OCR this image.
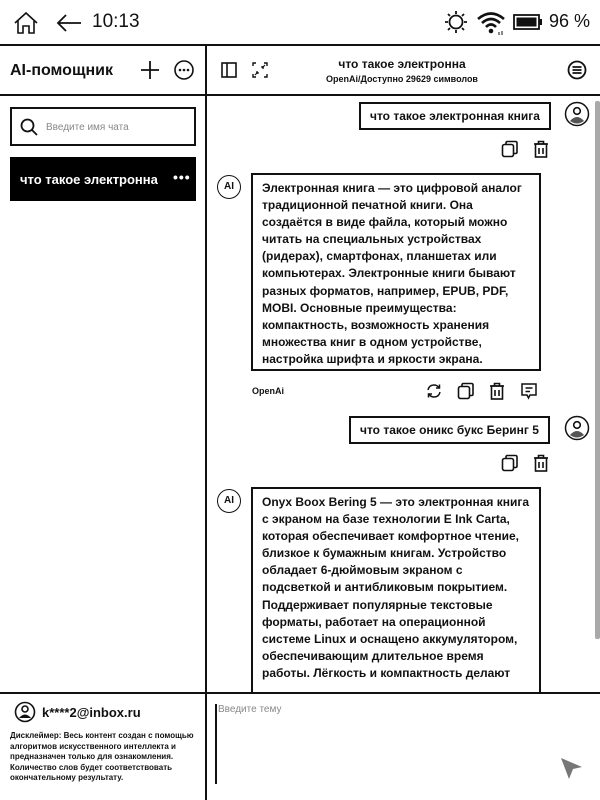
10:13	96 %
AI-помощник
Введите имя чата
что такое электронна •••
k****2@inbox.ru
Дисклеймер: Весь контент создан с помощью алгоритмов искусственного интеллекта и предназначен только для ознакомления. Количество слов будет соответствовать окончательному результату.
что такое электронна
OpenAi/Доступно 29629 символов
что такое электронная книга
AI	Электронная книга — это цифровой аналог традиционной печатной книги. Она создаётся в виде файла, который можно читать на специальных устройствах (ридерах), смартфонах, планшетах или компьютерах. Электронные книги бывают разных форматов, например, EPUB, PDF, MOBI. Основные преимущества: компактность, возможность хранения множества книг в одном устройстве, настройка шрифта и яркости экрана.
OpenAi
что такое оникс букс Беринг 5
AI	Onyx Boox Bering 5 — это электронная книга с экраном на базе технологии E Ink Carta, которая обеспечивает комфортное чтение, близкое к бумажным книгам. Устройство обладает 6-дюймовым экраном с подсветкой и антибликовым покрытием. Поддерживает популярные текстовые форматы, работает на операционной системе Linux и оснащено аккумулятором, обеспечивающим длительное время работы. Лёгкость и компактность делают
Введите тему
